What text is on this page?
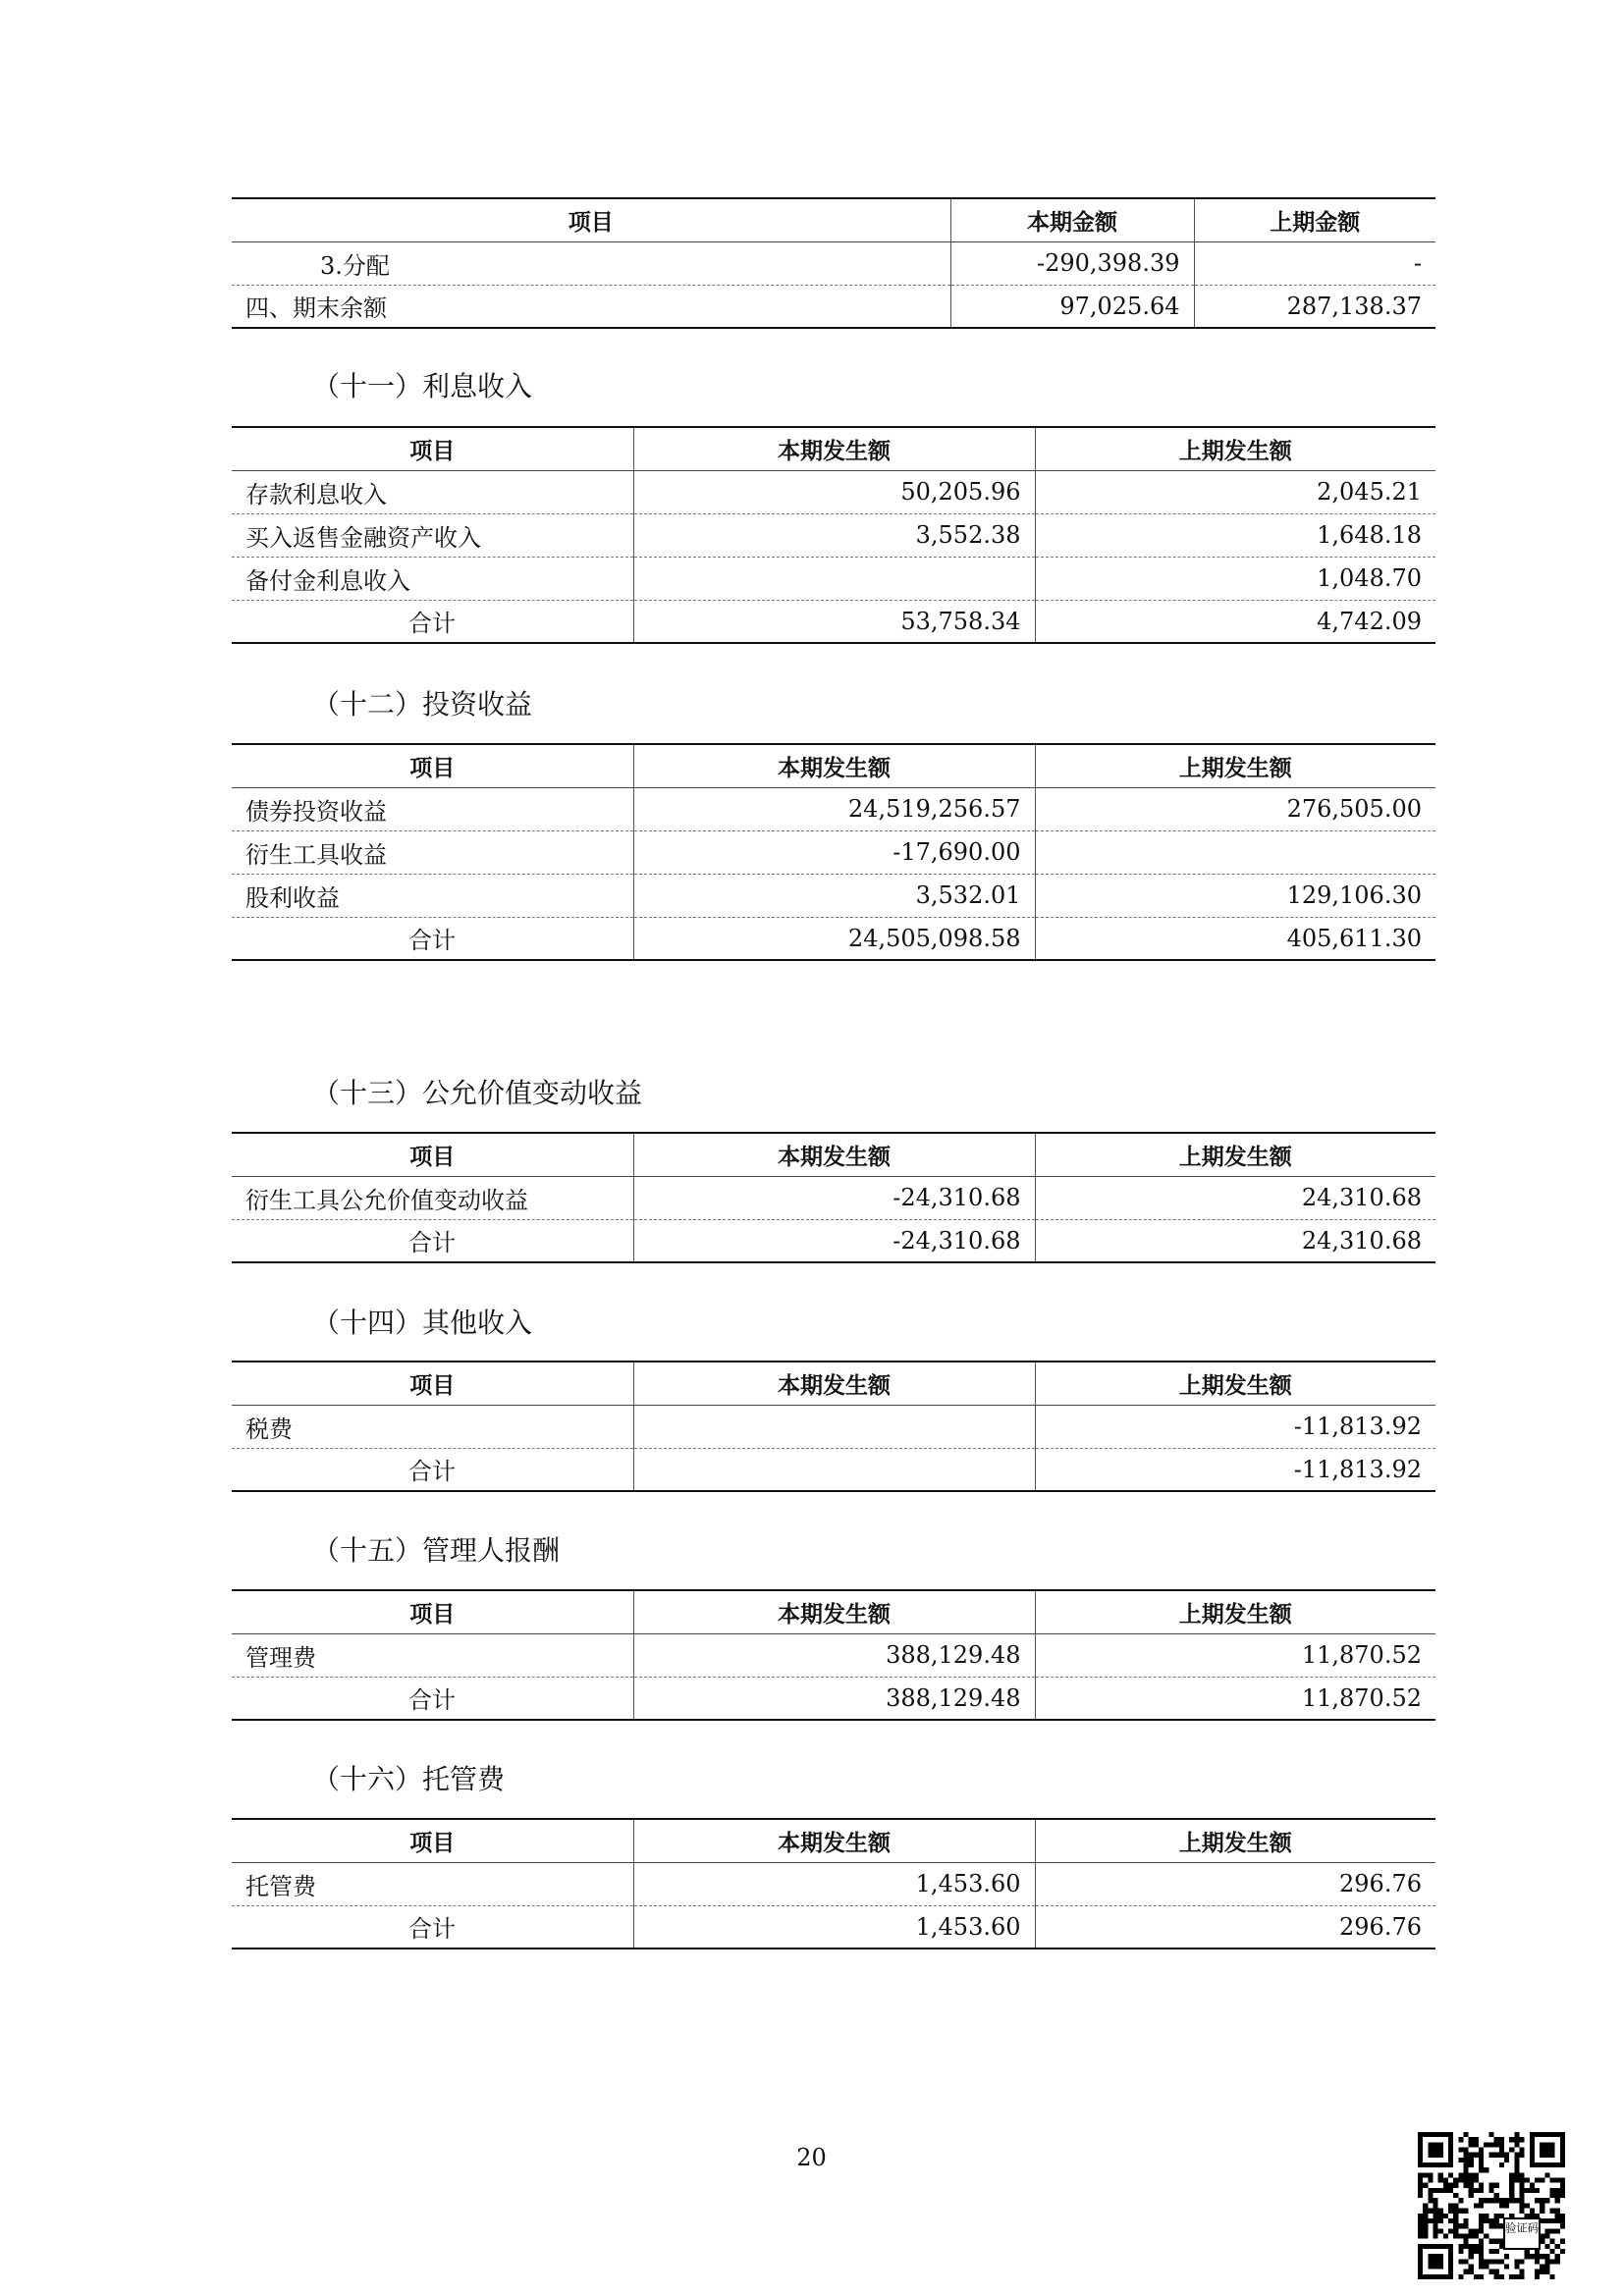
项目	本期金额	上期金额
3.分配	-290,398.39	-
四、期末余额	97,025.64	287,138.37
（十一）利息收入
项目	本期发生额	上期发生额
存款利息收入	50,205.96	2,045.21
买入返售金融资产收入	3,552.38	1,648.18
备付金利息收入		1,048.70
合计	53,758.34	4,742.09
（十二）投资收益
项目	本期发生额	上期发生额
债券投资收益	24,519,256.57	276,505.00
衍生工具收益	-17,690.00	
股利收益	3,532.01	129,106.30
合计	24,505,098.58	405,611.30
（十三）公允价值变动收益
项目	本期发生额	上期发生额
衍生工具公允价值变动收益	-24,310.68	24,310.68
合计	-24,310.68	24,310.68
（十四）其他收入
项目	本期发生额	上期发生额
税费		-11,813.92
合计		-11,813.92
（十五）管理人报酬
项目	本期发生额	上期发生额
管理费	388,129.48	11,870.52
合计	388,129.48	11,870.52
（十六）托管费
项目	本期发生额	上期发生额
托管费	1,453.60	296.76
合计	1,453.60	296.76
20
验证码
